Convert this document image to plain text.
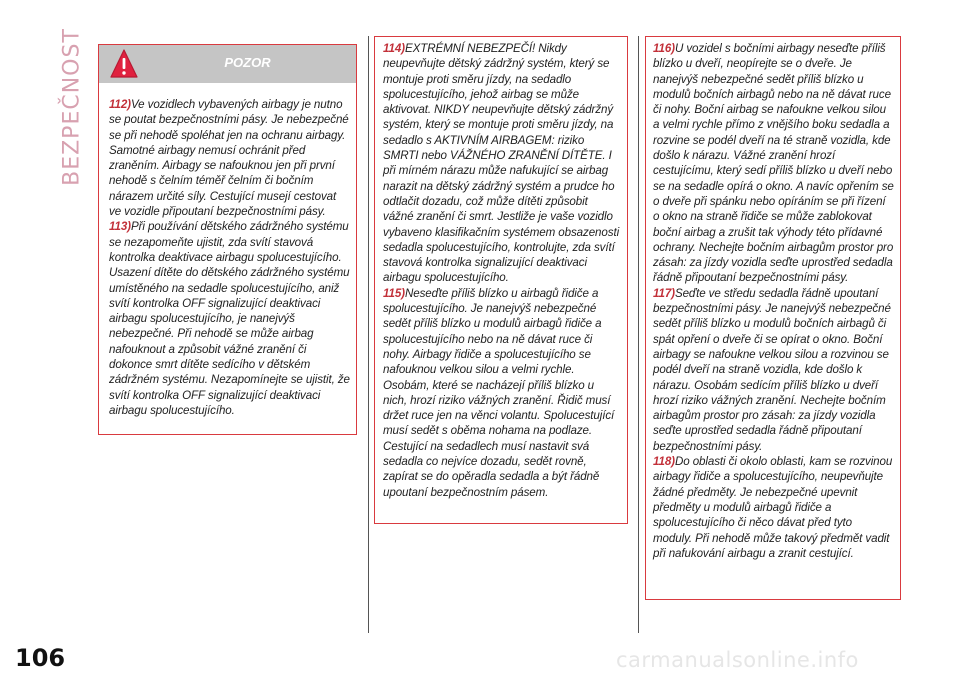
BEZPEČNOST	POZOR

112)Ve vozidlech vybavených airbagy je nutno se poutat bezpečnostními pásy. Je nebezpečné se při nehodě spoléhat jen na ochranu airbagy. Samotné airbagy nemusí ochránit před zraněním. Airbagy se nafouknou jen při první nehodě s čelním téměř čelním či bočním nárazem určité síly. Cestující musejí cestovat ve vozidle připoutaní bezpečnostními pásy.

113)Při používání dětského zádržného systému se nezapomeňte ujistit, zda svítí stavová kontrolka deaktivace airbagu spolucestujícího. Usazení dítěte do dětského zádržného systému umístěného na sedadle spolucestujícího, aniž svítí kontrolka OFF signalizující deaktivaci airbagu spolucestujícího, je nanejvýš nebezpečné. Při nehodě se může airbag nafouknout a způsobit vážné zranění či dokonce smrt dítěte sedícího v dětském zádržném systému. Nezapomínejte se ujistit, že svítí kontrolka OFF signalizující deaktivaci airbagu spolucestujícího.

114)EXTRÉMNÍ NEBEZPEČÍ! Nikdy neupevňujte dětský zádržný systém, který se montuje proti směru jízdy, na sedadlo spolucestujícího, jehož airbag se může aktivovat. NIKDY neupevňujte dětský zádržný systém, který se montuje proti směru jízdy, na sedadlo s AKTIVNÍM AIRBAGEM: riziko SMRTI nebo VÁŽNÉHO ZRANĚNÍ DÍTĚTE. I při mírném nárazu může nafukující se airbag narazit na dětský zádržný systém a prudce ho odtlačit dozadu, což může dítěti způsobit vážné zranění či smrt. Jestliže je vaše vozidlo vybaveno klasifikačním systémem obsazenosti sedadla spolucestujícího, kontrolujte, zda svítí stavová kontrolka signalizující deaktivaci airbagu spolucestujícího.

115)Neseďte příliš blízko u airbagů řidiče a spolucestujícího. Je nanejvýš nebezpečné sedět příliš blízko u modulů airbagů řidiče a spolucestujícího nebo na ně dávat ruce či nohy. Airbagy řidiče a spolucestujícího se nafouknou velkou silou a velmi rychle. Osobám, které se nacházejí příliš blízko u nich, hrozí riziko vážných zranění. Řidič musí držet ruce jen na věnci volantu. Spolucestující musí sedět s oběma nohama na podlaze. Cestující na sedadlech musí nastavit svá sedadla co nejvíce dozadu, sedět rovně, zapírat se do opěradla sedadla a být řádně upoutaní bezpečnostním pásem.

116)U vozidel s bočními airbagy neseďte příliš blízko u dveří, neopírejte se o dveře. Je nanejvýš nebezpečné sedět příliš blízko u modulů bočních airbagů nebo na ně dávat ruce či nohy. Boční airbag se nafoukne velkou silou a velmi rychle přímo z vnějšího boku sedadla a rozvine se podél dveří na té straně vozidla, kde došlo k nárazu. Vážné zranění hrozí cestujícímu, který sedí příliš blízko u dveří nebo se na sedadle opírá o okno. A navíc opřením se o dveře při spánku nebo opíráním se při řízení o okno na straně řidiče se může zablokovat boční airbag a zrušit tak výhody této přídavné ochrany. Nechejte bočním airbagům prostor pro zásah: za jízdy vozidla seďte uprostřed sedadla řádně připoutaní bezpečnostními pásy.

117)Seďte ve středu sedadla řádně upoutaní bezpečnostními pásy. Je nanejvýš nebezpečné sedět příliš blízko u modulů bočních airbagů či spát opření o dveře či se opírat o okno. Boční airbagy se nafoukne velkou silou a rozvinou se podél dveří na straně vozidla, kde došlo k nárazu. Osobám sedícím příliš blízko u dveří hrozí riziko vážných zranění. Nechejte bočním airbagům prostor pro zásah: za jízdy vozidla seďte uprostřed sedadla řádně připoutaní bezpečnostními pásy.

118)Do oblasti či okolo oblasti, kam se rozvinou airbagy řidiče a spolucestujícího, neupevňujte žádné předměty. Je nebezpečné upevnit předměty u modulů airbagů řidiče a spolucestujícího či něco dávat před tyto moduly. Při nehodě může takový předmět vadit při nafukování airbagu a zranit cestující.

106	carmanualsonline.info
